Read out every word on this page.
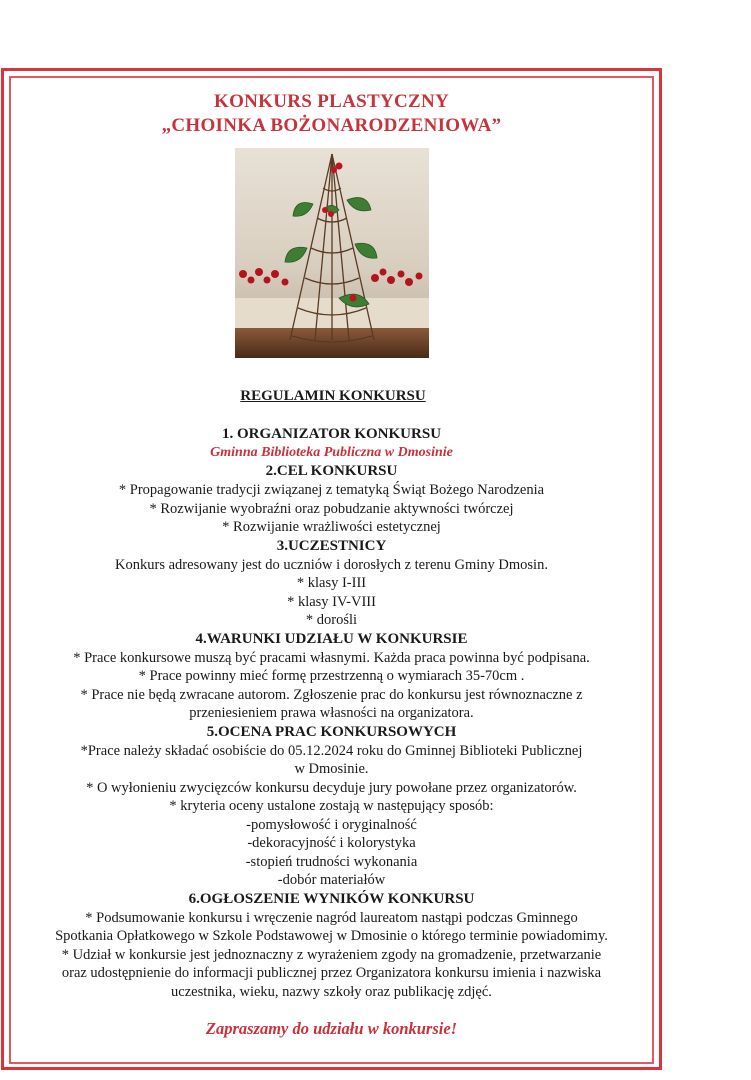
KONKURS PLASTYCZNY

„CHOINKA BOŻONARODZENIOWA”

REGULAMIN KONKURSU

1. ORGANIZATOR KONKURSU

Gminna Biblioteka Publiczna w Dmosinie

2.CEL KONKURSU

* Propagowanie tradycji związanej z tematyką Świąt Bożego Narodzenia

* Rozwijanie wyobraźni oraz pobudzanie aktywności twórczej

* Rozwijanie wrażliwości estetycznej

3.UCZESTNICY

Konkurs adresowany jest do uczniów i dorosłych z terenu Gminy Dmosin.

* klasy I-III

* klasy IV-VIII

* dorośli

4.WARUNKI UDZIAŁU W KONKURSIE

* Prace konkursowe muszą być pracami własnymi. Każda praca powinna być podpisana.

* Prace powinny mieć formę przestrzenną o wymiarach 35-70cm .

* Prace nie będą zwracane autorom. Zgłoszenie prac do konkursu jest równoznaczne z

przeniesieniem prawa własności na organizatora.

5.OCENA PRAC KONKURSOWYCH

*Prace należy składać osobiście do 05.12.2024 roku do Gminnej Biblioteki Publicznej

w Dmosinie.

* O wyłonieniu zwycięzców konkursu decyduje jury powołane przez organizatorów.

* kryteria oceny ustalone zostają w następujący sposób:

-pomysłowość i oryginalność

-dekoracyjność i kolorystyka

-stopień trudności wykonania

-dobór materiałów

6.OGŁOSZENIE WYNIKÓW KONKURSU

* Podsumowanie konkursu i wręczenie nagród laureatom nastąpi podczas Gminnego

Spotkania Opłatkowego w Szkole Podstawowej w Dmosinie o którego terminie powiadomimy.

* Udział w konkursie jest jednoznaczny z wyrażeniem zgody na gromadzenie, przetwarzanie

oraz udostępnienie do informacji publicznej przez Organizatora konkursu imienia i nazwiska

uczestnika, wieku, nazwy szkoły oraz publikację zdjęć.

Zapraszamy do udziału w konkursie!
